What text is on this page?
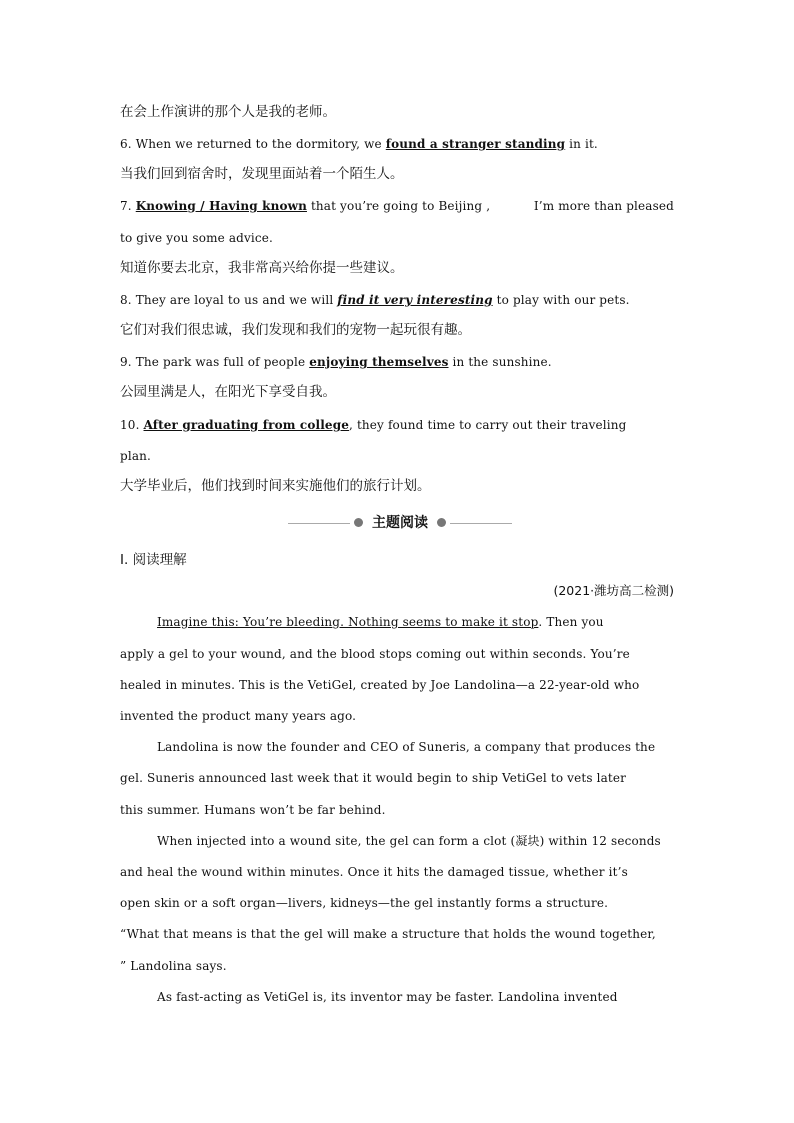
在会上作演讲的那个人是我的老师。
6. When we returned to the dormitory, we found a stranger standing in it.
当我们回到宿舍时，发现里面站着一个陌生人。
7. Knowing / Having known that you’re going to Beijing ,	I’m more than pleased
to give you some advice.
知道你要去北京，我非常高兴给你提一些建议。
8. They are loyal to us and we will find it very interesting to play with our pets.
它们对我们很忠诚，我们发现和我们的宠物一起玩很有趣。
9. The park was full of people enjoying themselves in the sunshine.
公园里满是人，在阳光下享受自我。
10. After graduating from college, they found time to carry out their traveling
plan.
大学毕业后，他们找到时间来实施他们的旅行计划。
主题阅读
Ⅰ. 阅读理解
(2021·潍坊高二检测)
Imagine this: You’re bleeding. Nothing seems to make it stop. Then you
apply a gel to your wound, and the blood stops coming out within seconds. You’re
healed in minutes. This is the VetiGel, created by Joe Landolina—a 22-year-old who
invented the product many years ago.
Landolina is now the founder and CEO of Suneris, a company that produces the
gel. Suneris announced last week that it would begin to ship VetiGel to vets later
this summer. Humans won’t be far behind.
When injected into a wound site, the gel can form a clot (凝块) within 12 seconds
and heal the wound within minutes. Once it hits the damaged tissue, whether it’s
open skin or a soft organ—livers, kidneys—the gel instantly forms a structure.
“What that means is that the gel will make a structure that holds the wound together,
” Landolina says.
As fast-acting as VetiGel is, its inventor may be faster. Landolina invented
